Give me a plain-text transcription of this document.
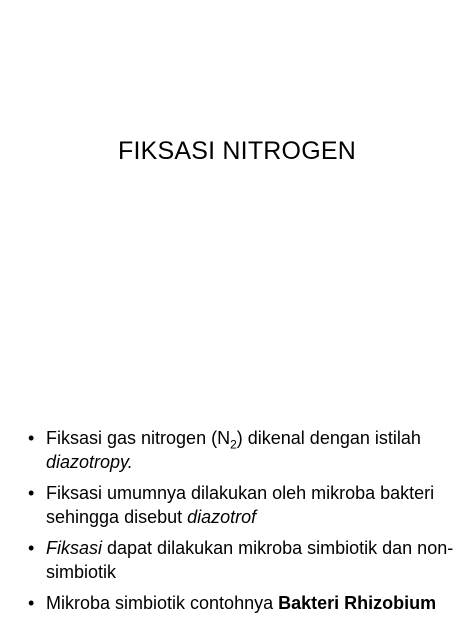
FIKSASI NITROGEN
• Fiksasi gas nitrogen $(N_2)$ dikenal dengan istilah diazotropy.
• Fiksasi umumnya dilakukan oleh mikroba bakteri sehingga disebut diazotrof
• Fiksasi dapat dilakukan mikroba simbiotik dan non-simbiotik
• Mikroba simbiotik contohnya Bakteri Rhizobium
